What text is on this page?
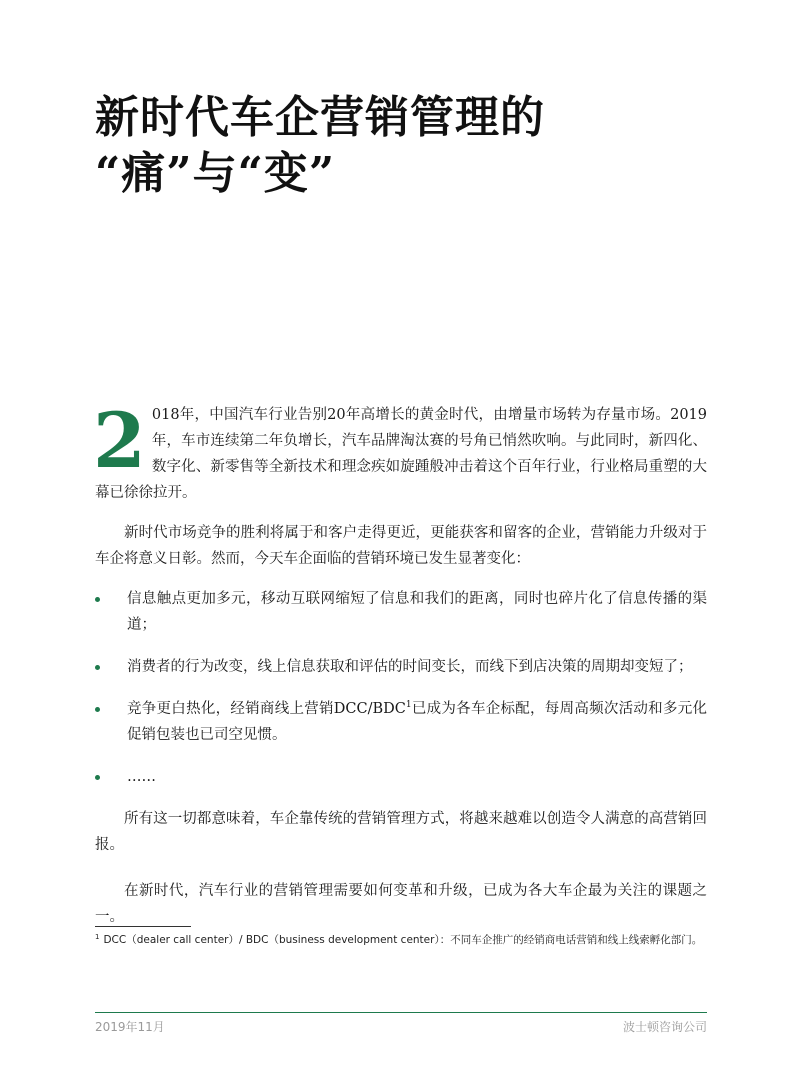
新时代车企营销管理的
“痛”与“变”

2 018年，中国汽车行业告别20年高增长的黄金时代，由增量市场转为存量市场。2019年，车市连续第二年负增长，汽车品牌淘汰赛的号角已悄然吹响。与此同时，新四化、数字化、新零售等全新技术和理念疾如旋踵般冲击着这个百年行业，行业格局重塑的大幕已徐徐拉开。

新时代市场竞争的胜利将属于和客户走得更近，更能获客和留客的企业，营销能力升级对于车企将意义日彰。然而，今天车企面临的营销环境已发生显著变化：

信息触点更加多元，移动互联网缩短了信息和我们的距离，同时也碎片化了信息传播的渠道；
消费者的行为改变，线上信息获取和评估的时间变长，而线下到店决策的周期却变短了；
竞争更白热化，经销商线上营销DCC/BDC$^1$已成为各车企标配，每周高频次活动和多元化促销包装也已司空见惯。
……

所有这一切都意味着，车企靠传统的营销管理方式，将越来越难以创造令人满意的高营销回报。

在新时代，汽车行业的营销管理需要如何变革和升级，已成为各大车企最为关注的课题之一。

$^1$ DCC（dealer call center）/ BDC（business development center）：不同车企推广的经销商电话营销和线上线索孵化部门。
2019年11月	波士顿咨询公司
